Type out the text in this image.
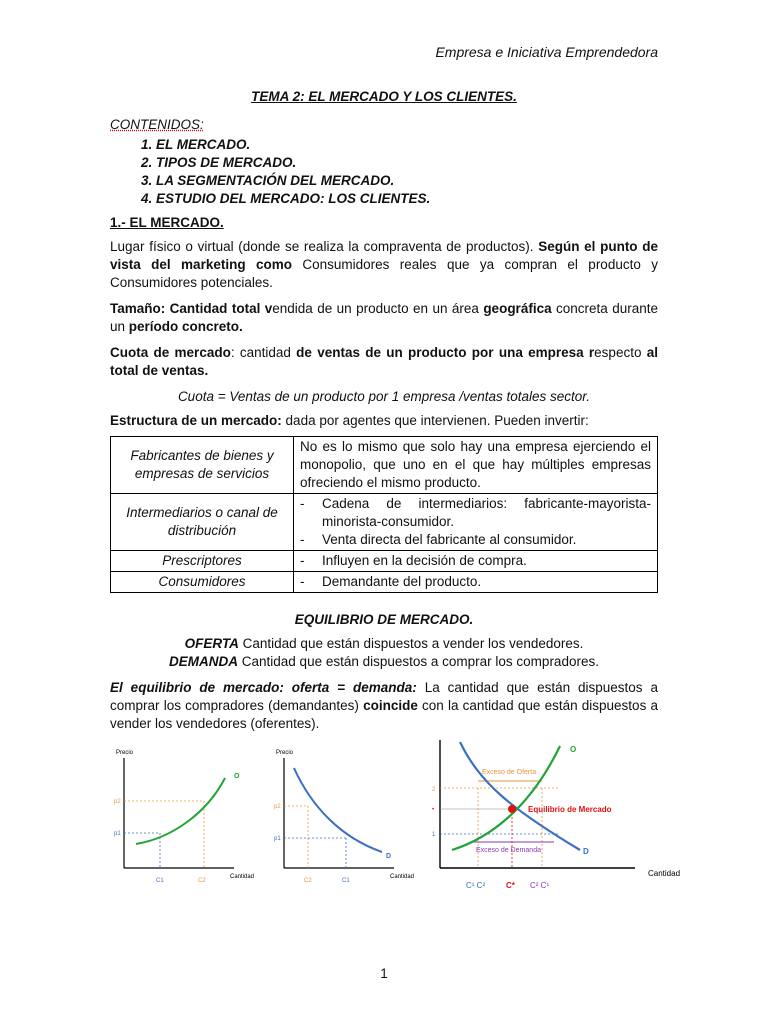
Empresa e Iniciativa Emprendedora
TEMA 2: EL MERCADO Y LOS CLIENTES.
CONTENIDOS:
1. EL MERCADO.
2. TIPOS DE MERCADO.
3. LA SEGMENTACIÓN DEL MERCADO.
4. ESTUDIO DEL MERCADO: LOS CLIENTES.
1.- EL MERCADO.

Lugar físico o virtual (donde se realiza la compraventa de productos). Según el punto de vista del marketing como Consumidores reales que ya compran el producto y Consumidores potenciales.

Tamaño: Cantidad total vendida de un producto en un área geográfica concreta durante un período concreto.

Cuota de mercado: cantidad de ventas de un producto por una empresa respecto al total de ventas.

Cuota = Ventas de un producto por 1 empresa /ventas totales sector.

Estructura de un mercado: dada por agentes que intervienen. Pueden invertir:

Fabricantes de bienes y empresas de servicios	No es lo mismo que solo hay una empresa ejerciendo el monopolio, que uno en el que hay múltiples empresas ofreciendo el mismo producto.
Intermediarios o canal de distribución	- Cadena de intermediarios: fabricante-mayorista-minorista-consumidor.
- Venta directa del fabricante al consumidor.

Prescriptores	- Influyen en la decisión de compra.

Consumidores	- Demandante del producto.
EQUILIBRIO DE MERCADO.

OFERTA Cantidad que están dispuestos a vender los vendedores.

DEMANDA Cantidad que están dispuestos a comprar los compradores.

El equilibrio de mercado: oferta = demanda: La cantidad que están dispuestos a comprar los compradores (demandantes) coincide con la cantidad que están dispuestos a vender los vendedores (oferentes).

Precio
Cantidad
p2
p1
C1	C2
O
Precio
Cantidad
p2
p1
C2	C1
D
Cantidad
Exceso de Oferta
Exceso de Demanda
Equilibrio de Mercado
O
D
2
•
1
C¹ C²	C* C² C¹
1
